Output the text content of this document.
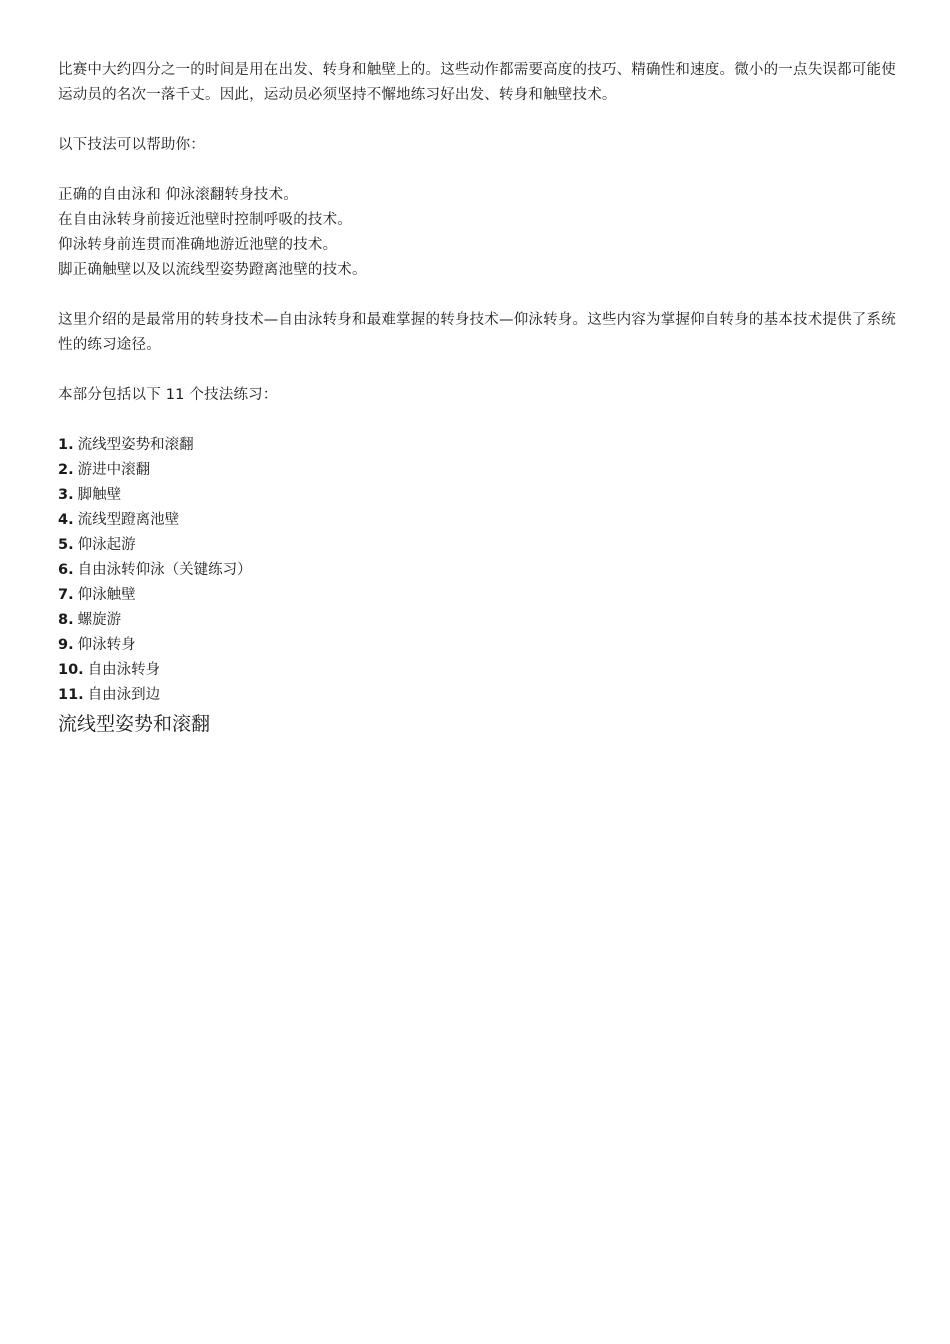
比赛中大约四分之一的时间是用在出发、转身和触壁上的。这些动作都需要高度的技巧、精确性和速度。微小的一点失误都可能使运动员的名次一落千丈。因此，运动员必须坚持不懈地练习好出发、转身和触壁技术。

以下技法可以帮助你：

正确的自由泳和 仰泳滚翻转身技术。

在自由泳转身前接近池壁时控制呼吸的技术。

仰泳转身前连贯而准确地游近池壁的技术。

脚正确触壁以及以流线型姿势蹬离池壁的技术。

这里介绍的是最常用的转身技术—自由泳转身和最难掌握的转身技术—仰泳转身。这些内容为掌握仰自转身的基本技术提供了系统性的练习途径。

本部分包括以下 11 个技法练习：

1. 流线型姿势和滚翻
2. 游进中滚翻
3. 脚触壁
4. 流线型蹬离池壁
5. 仰泳起游
6. 自由泳转仰泳（关键练习）
7. 仰泳触壁
8. 螺旋游
9. 仰泳转身
10. 自由泳转身
11. 自由泳到边
流线型姿势和滚翻
